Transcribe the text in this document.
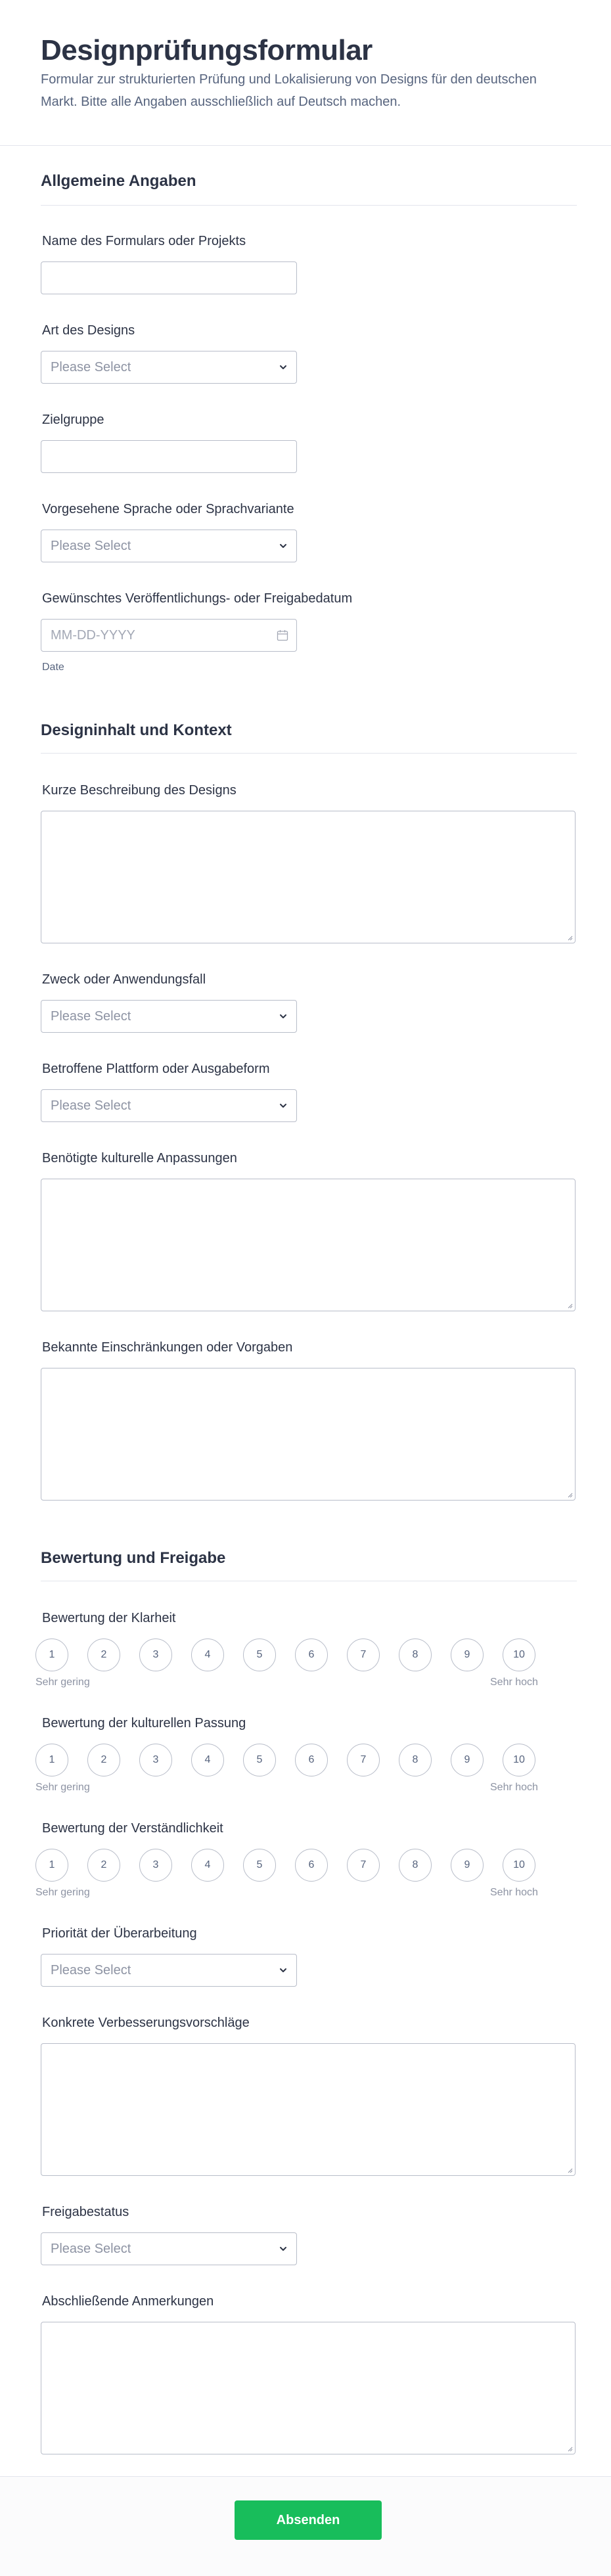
Designprüfungsformular
Formular zur strukturierten Prüfung und Lokalisierung von Designs für den deutschen Markt. Bitte alle Angaben ausschließlich auf Deutsch machen.
Allgemeine Angaben
Name des Formulars oder Projekts
Art des Designs
Please Select
Zielgruppe
Vorgesehene Sprache oder Sprachvariante
Please Select
Gewünschtes Veröffentlichungs- oder Freigabedatum
MM-DD-YYYY
Date
Designinhalt und Kontext
Kurze Beschreibung des Designs
Zweck oder Anwendungsfall
Please Select
Betroffene Plattform oder Ausgabeform
Please Select
Benötigte kulturelle Anpassungen
Bekannte Einschränkungen oder Vorgaben
Bewertung und Freigabe
Bewertung der Klarheit
1	2	3	4	5	6	7	8	9	10
Sehr gering	Sehr hoch
Bewertung der kulturellen Passung
1	2	3	4	5	6	7	8	9	10
Sehr gering	Sehr hoch
Bewertung der Verständlichkeit
1	2	3	4	5	6	7	8	9	10
Sehr gering	Sehr hoch
Priorität der Überarbeitung
Please Select
Konkrete Verbesserungsvorschläge
Freigabestatus
Please Select
Abschließende Anmerkungen
Absenden
